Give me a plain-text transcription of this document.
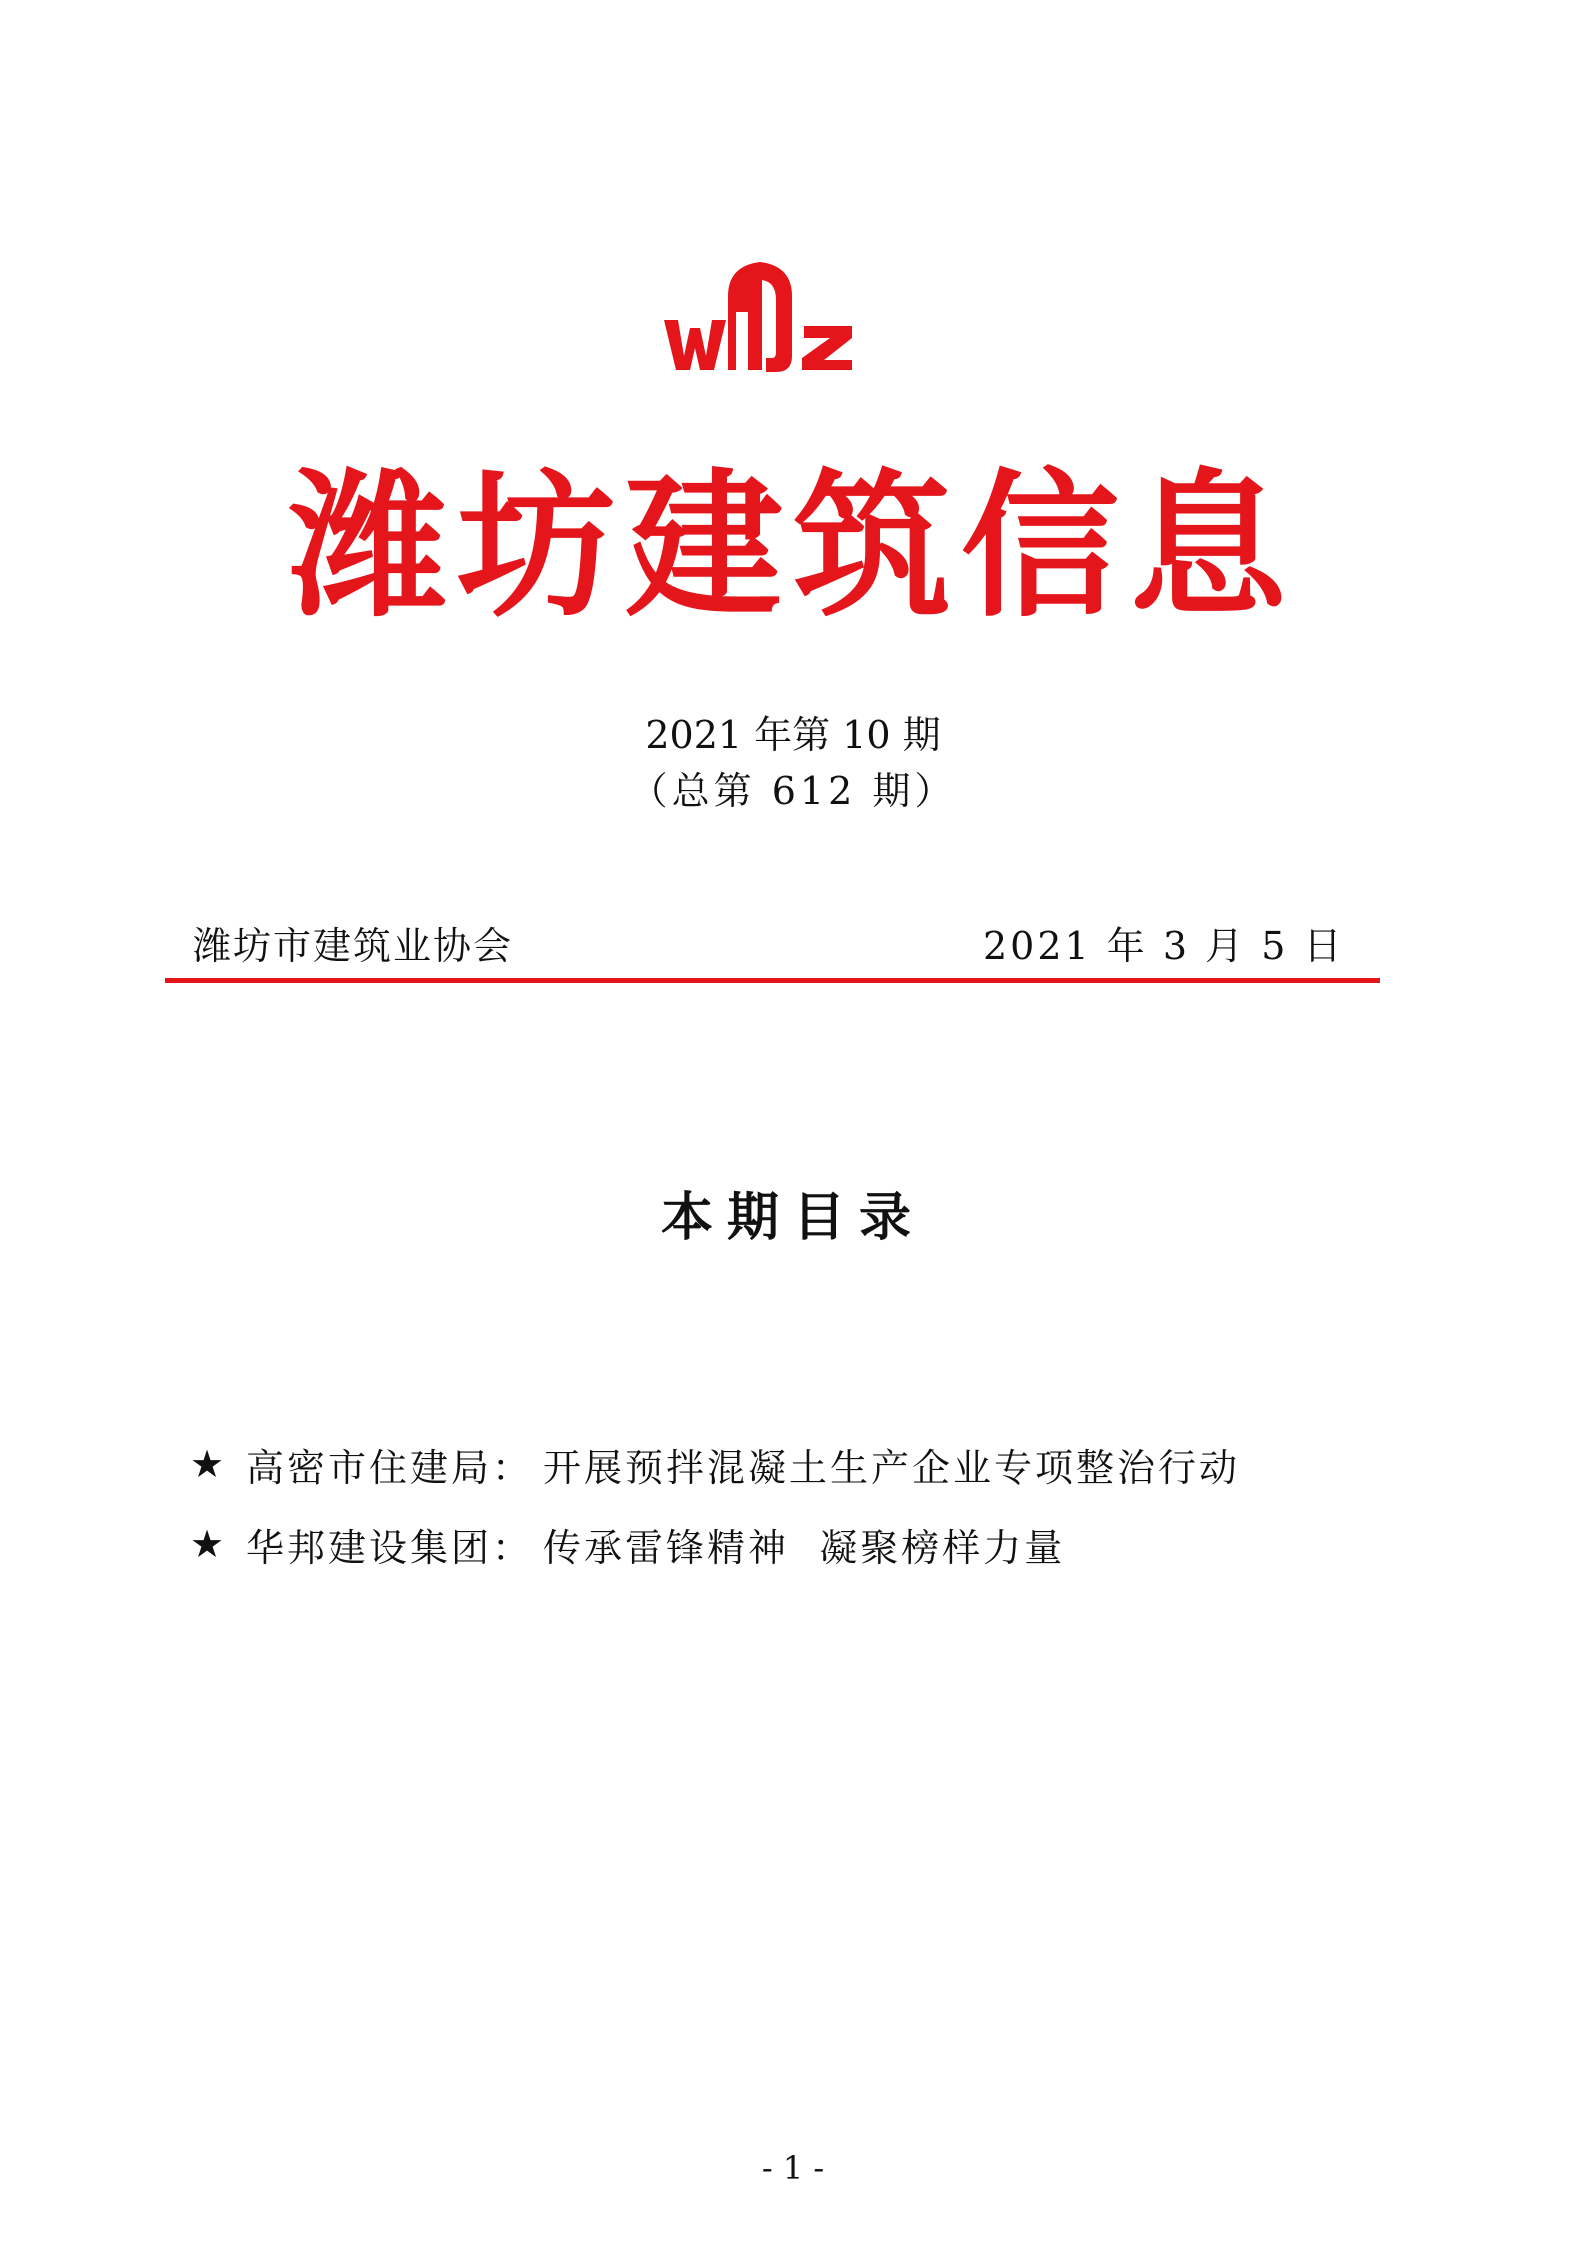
潍坊建筑信息
2021 年第 10 期
（总第 612 期）
潍坊市建筑业协会	2021 年 3 月 5 日
本期目录
★ 高密市住建局 ： 开展预拌混凝土生产企业专项整治行动
★ 华邦建设集团 ： 传承雷锋精神  凝聚榜样力量
- 1 -
